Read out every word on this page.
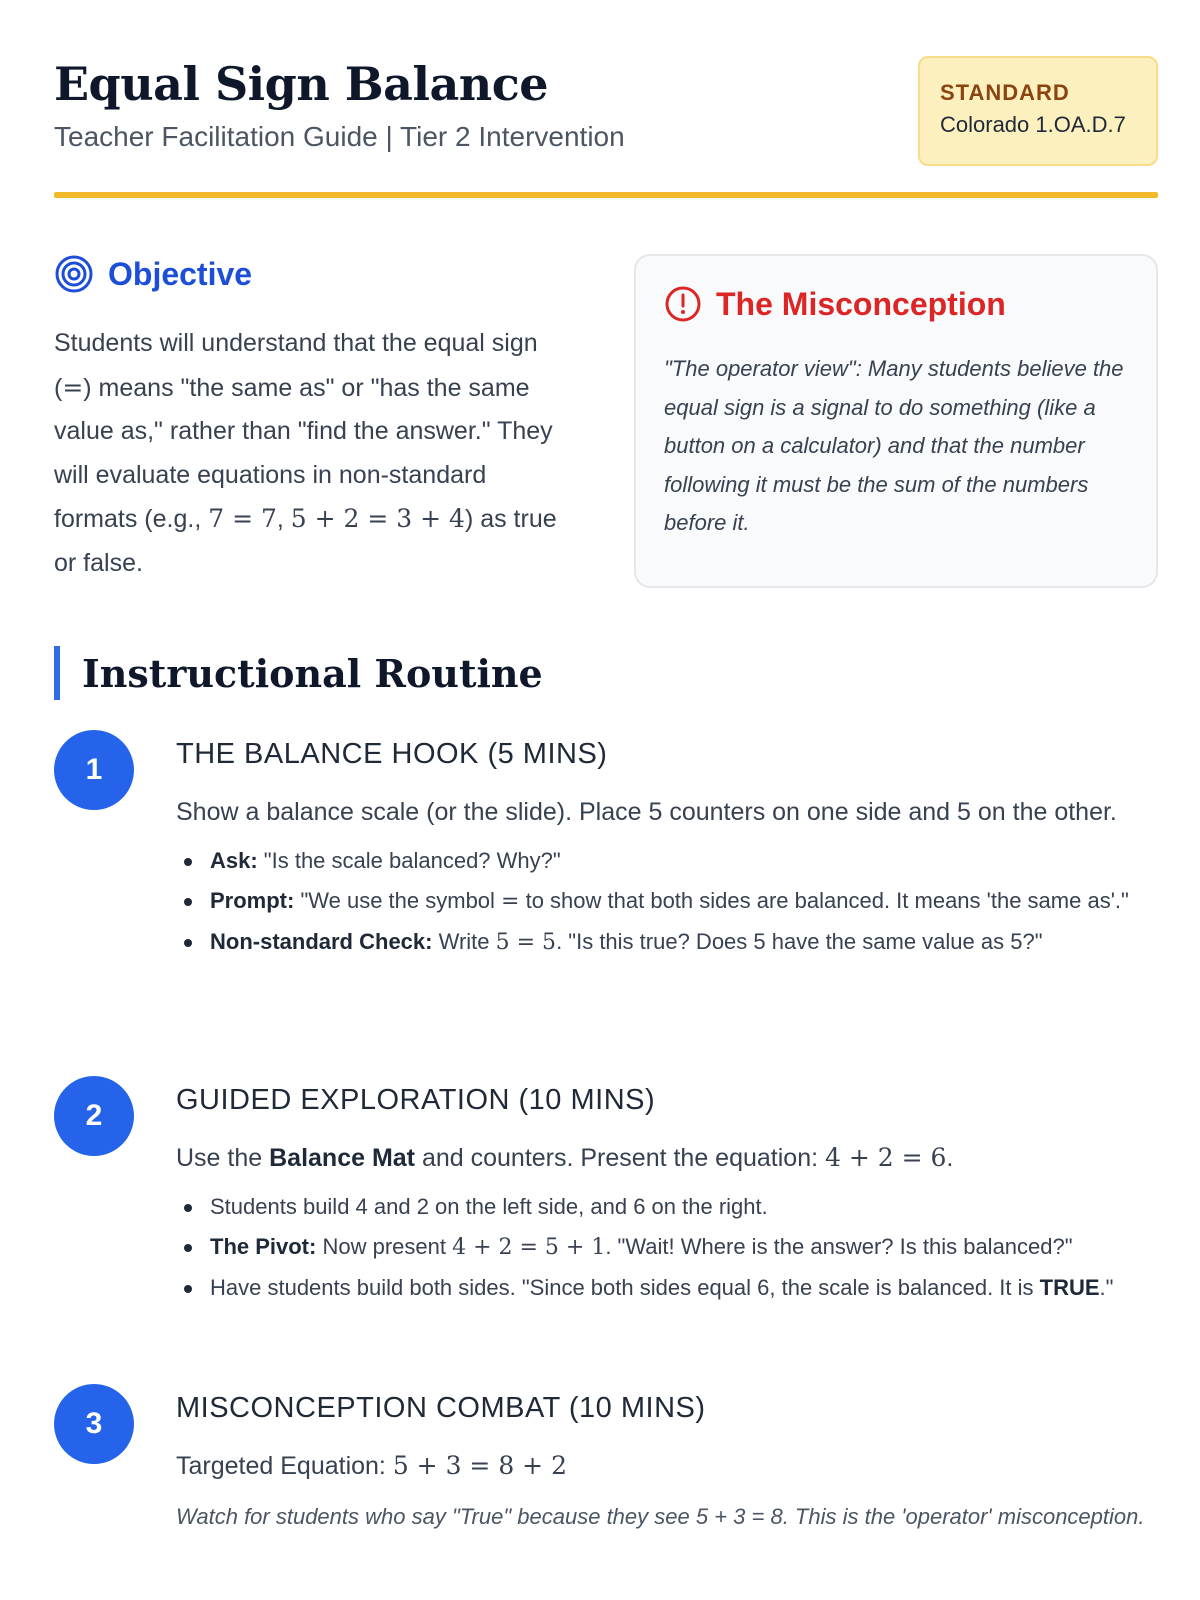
Equal Sign Balance
Teacher Facilitation Guide | Tier 2 Intervention
STANDARD
Colorado 1.OA.D.7
Objective

Students will understand that the equal sign (=) means "the same as" or "has the same value as," rather than "find the answer." They will evaluate equations in non-standard formats (e.g., 7 = 7, 5 + 2 = 3 + 4) as true or false.

The Misconception

"The operator view": Many students believe the equal sign is a signal to do something (like a button on a calculator) and that the number following it must be the sum of the numbers before it.

Instructional Routine
1	THE BALANCE HOOK (5 MINS)

Show a balance scale (or the slide). Place 5 counters on one side and 5 on the other.

Ask: "Is the scale balanced? Why?"
Prompt: "We use the symbol = to show that both sides are balanced. It means 'the same as'."
Non-standard Check: Write 5 = 5. "Is this true? Does 5 have the same value as 5?"
2	GUIDED EXPLORATION (10 MINS)

Use the Balance Mat and counters. Present the equation: 4 + 2 = 6.

Students build 4 and 2 on the left side, and 6 on the right.
The Pivot: Now present 4 + 2 = 5 + 1. "Wait! Where is the answer? Is this balanced?"
Have students build both sides. "Since both sides equal 6, the scale is balanced. It is TRUE."
3	MISCONCEPTION COMBAT (10 MINS)

Targeted Equation: 5 + 3 = 8 + 2

Watch for students who say "True" because they see 5 + 3 = 8. This is the 'operator' misconception.
